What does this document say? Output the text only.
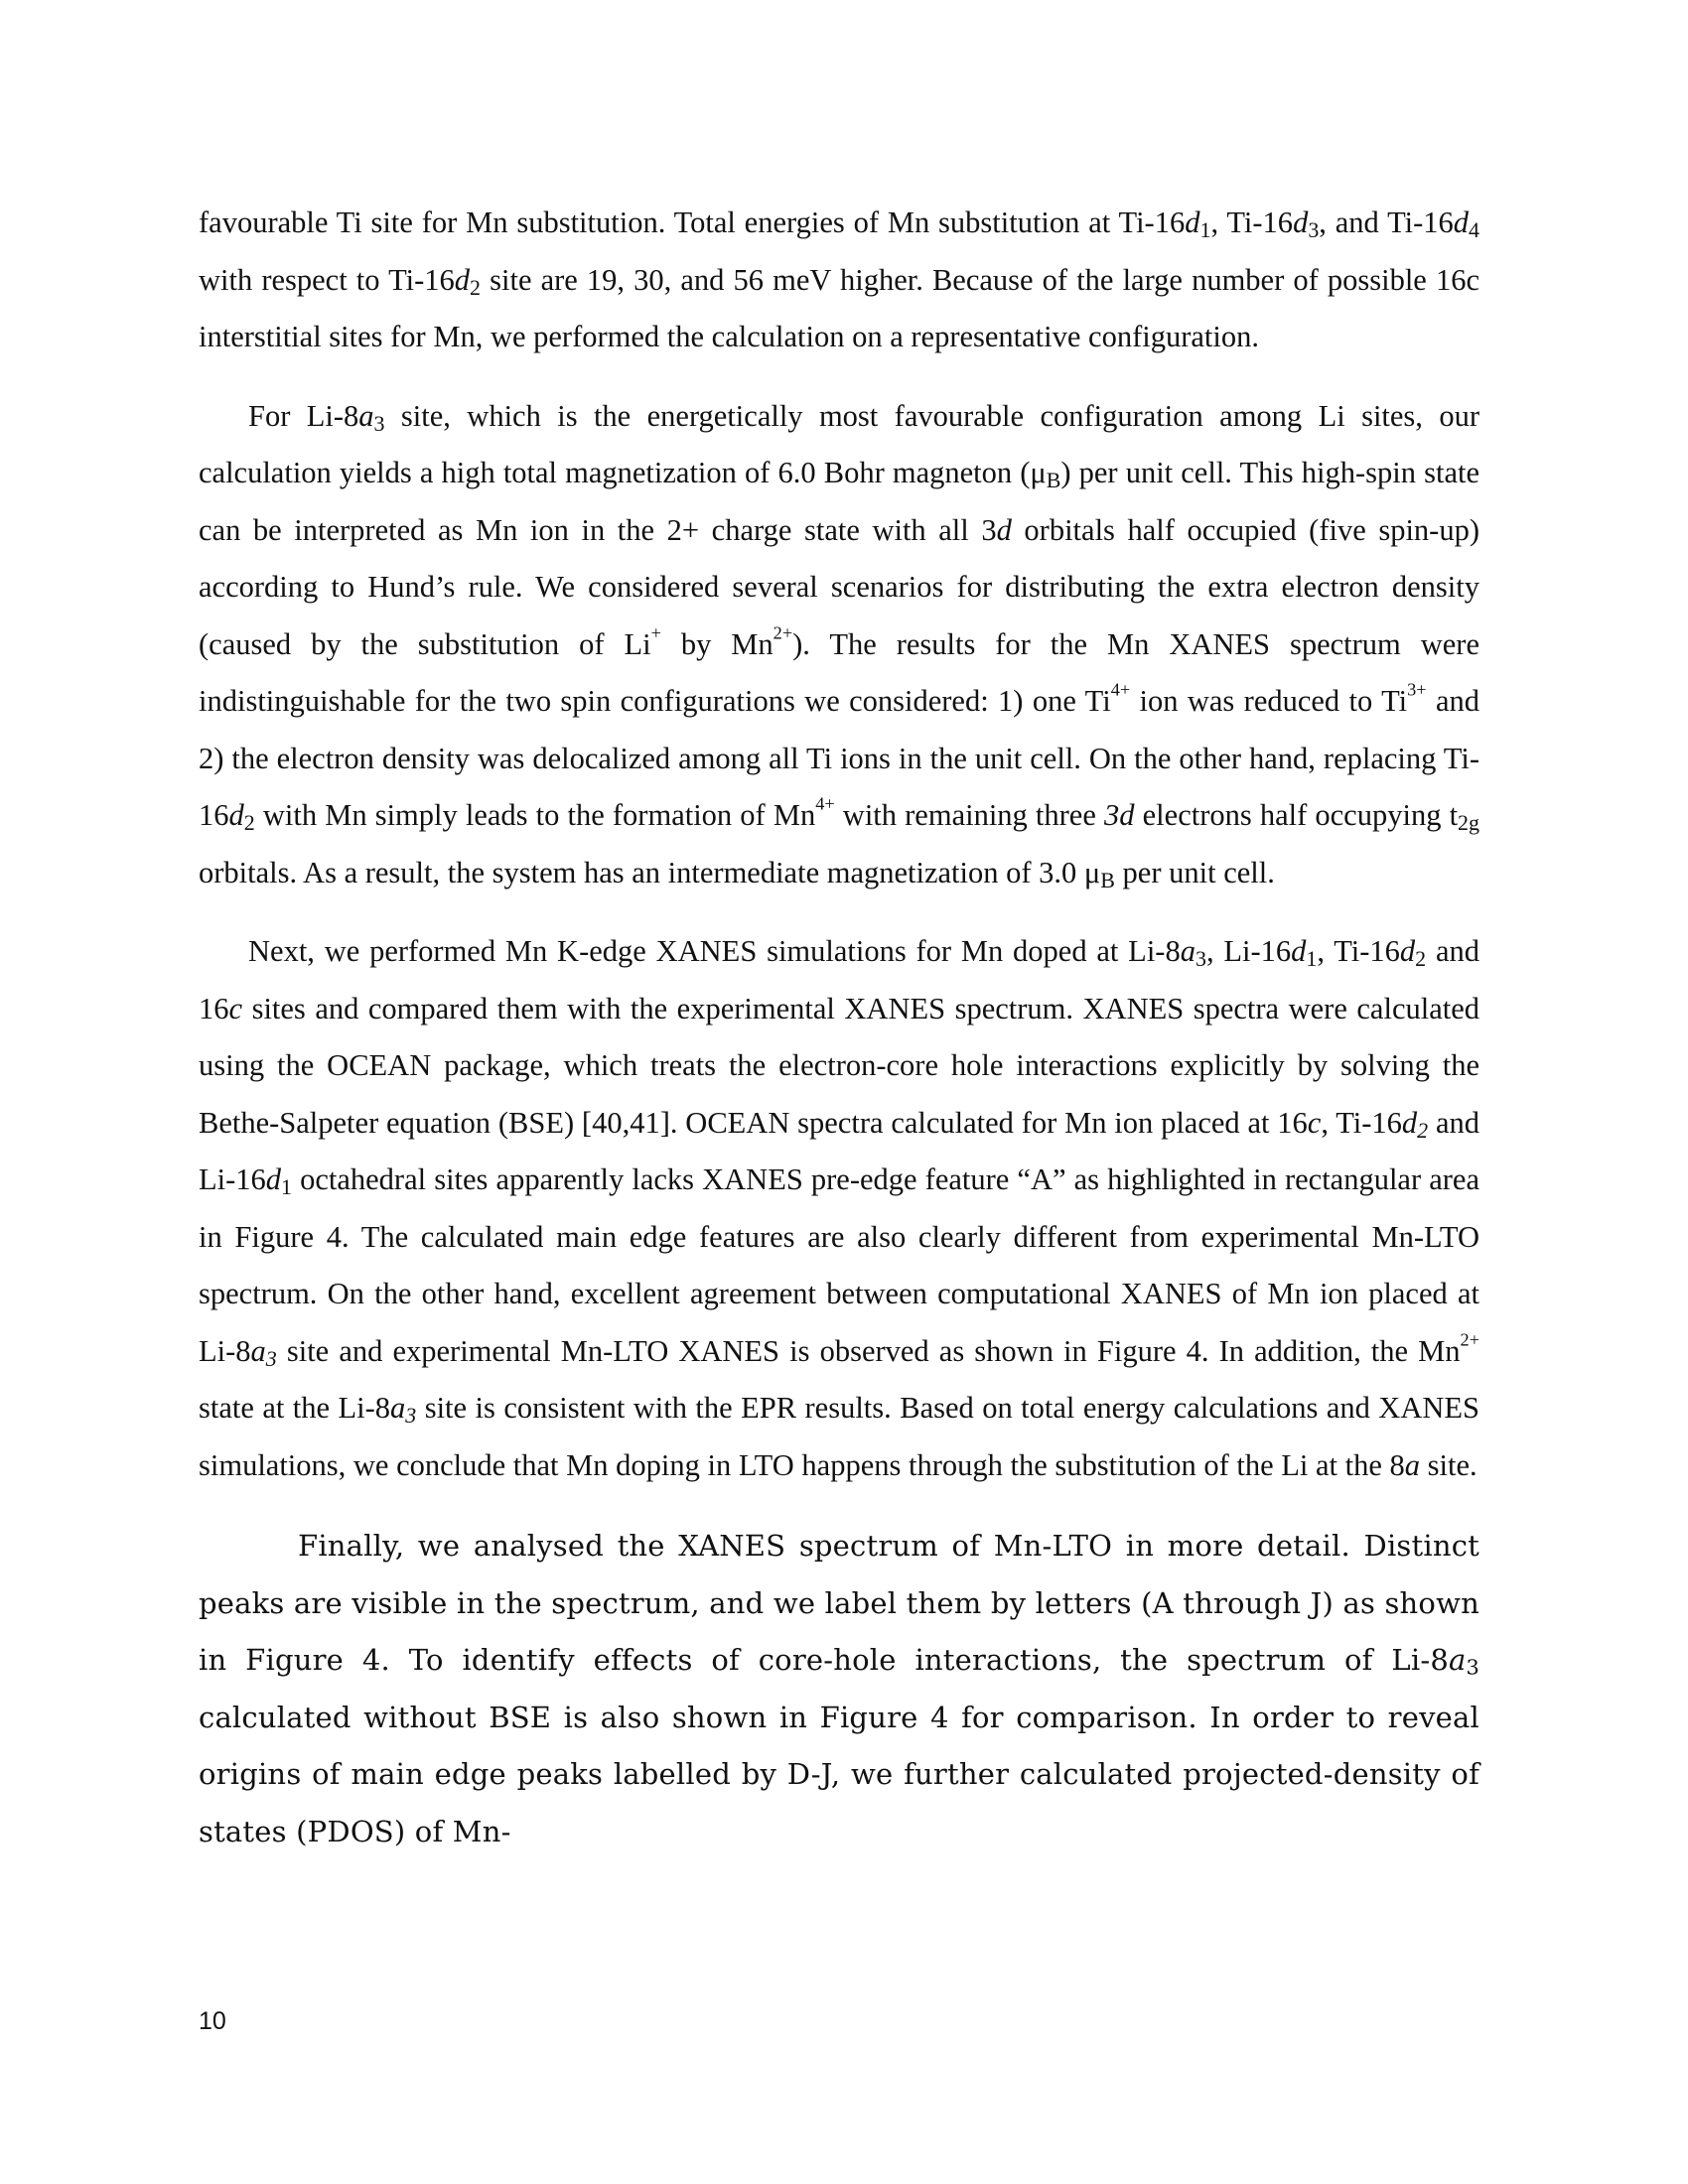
favourable Ti site for Mn substitution. Total energies of Mn substitution at $Ti-16d_1$, $Ti-16d_3$, and $Ti-16d_4$ with respect to $Ti-16d_2$ site are 19, 30, and 56 meV higher. Because of the large number of possible 16c interstitial sites for Mn, we performed the calculation on a representative configuration.

For $Li-8a_3$ site, which is the energetically most favourable configuration among Li sites, our calculation yields a high total magnetization of 6.0 Bohr magneton $(\mu_B)$ per unit cell. This high-spin state can be interpreted as Mn ion in the 2+ charge state with all 3d orbitals half occupied (five spin-up) according to Hund’s rule. We considered several scenarios for distributing the extra electron density (caused by the substitution of Li+ by $Mn^{2+}$). The results for the Mn XANES spectrum were indistinguishable for the two spin configurations we considered: 1) one $Ti^{4+}$ ion was reduced to $Ti^{3+}$ and 2) the electron density was delocalized among all Ti ions in the unit cell. On the other hand, replacing $Ti-16d_2$ with Mn simply leads to the formation of $Mn^{4+}$ with remaining three 3d electrons half occupying $t_{2g}$ orbitals. As a result, the system has an intermediate magnetization of 3.0 $\mu_B$ per unit cell.

Next, we performed Mn K-edge XANES simulations for Mn doped at $Li-8a_3$, $Li-16d_1$, $Ti-16d_2$ and 16c sites and compared them with the experimental XANES spectrum. XANES spectra were calculated using the OCEAN package, which treats the electron-core hole interactions explicitly by solving the Bethe-Salpeter equation (BSE) [40,41]. OCEAN spectra calculated for Mn ion placed at 16c, $Ti-16d_2$ and $Li-16d_1$ octahedral sites apparently lacks XANES pre-edge feature “A” as highlighted in rectangular area in Figure 4. The calculated main edge features are also clearly different from experimental Mn-LTO spectrum. On the other hand, excellent agreement between computational XANES of Mn ion placed at $Li-8a_3$ site and experimental Mn-LTO XANES is observed as shown in Figure 4. In addition, the $Mn^{2+}$ state at the $Li-8a_3$ site is consistent with the EPR results. Based on total energy calculations and XANES simulations, we conclude that Mn doping in LTO happens through the substitution of the Li at the 8a site.

Finally, we analysed the XANES spectrum of Mn-LTO in more detail. Distinct peaks are visible in the spectrum, and we label them by letters (A through J) as shown in Figure 4. To identify effects of core-hole interactions, the spectrum of $Li-8a_3$ calculated without BSE is also shown in Figure 4 for comparison. In order to reveal origins of main edge peaks labelled by D-J, we further calculated projected-density of states (PDOS) of Mn-

10
